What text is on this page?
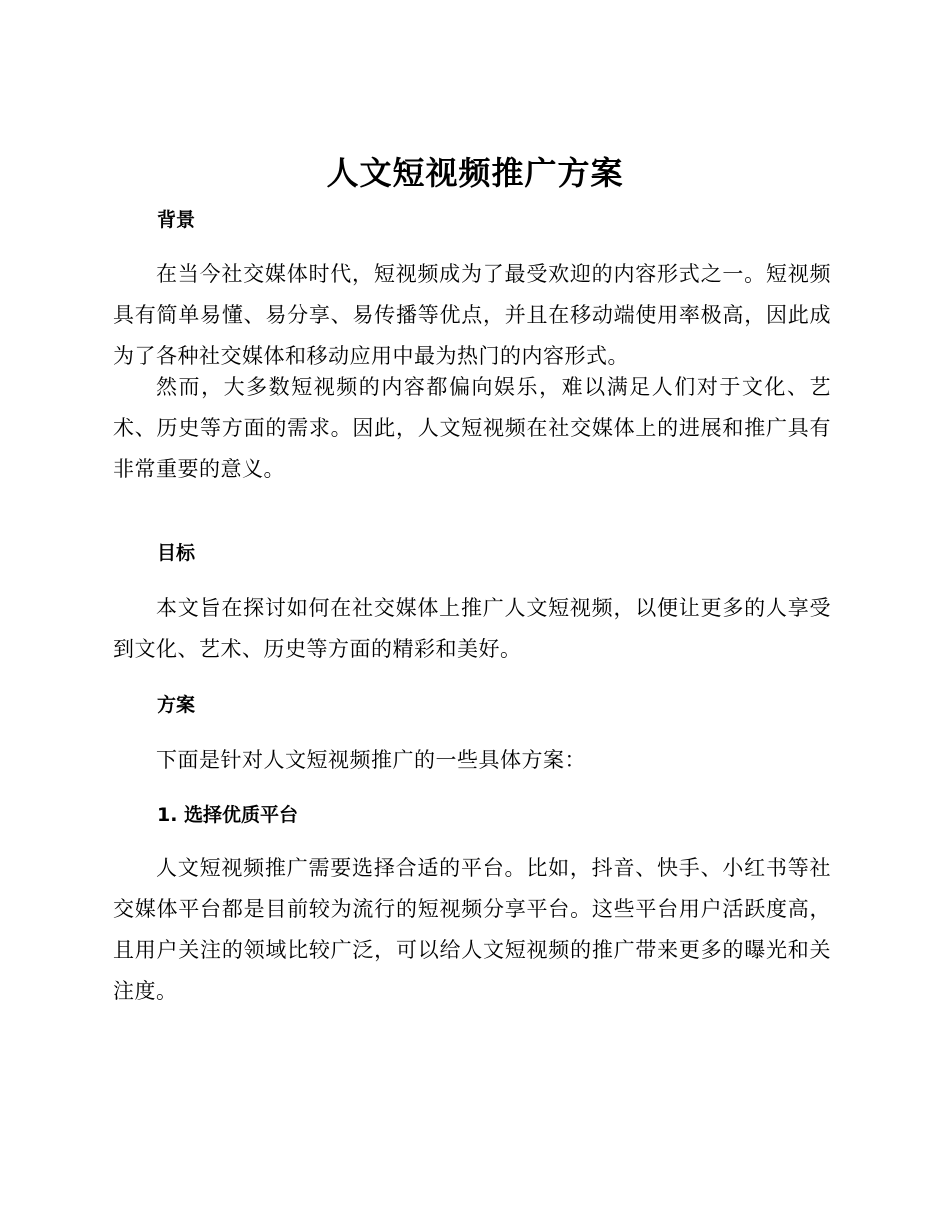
人文短视频推广方案
背景

在当今社交媒体时代，短视频成为了最受欢迎的内容形式之一。短视频具有简单易懂、易分享、易传播等优点，并且在移动端使用率极高，因此成为了各种社交媒体和移动应用中最为热门的内容形式。

然而，大多数短视频的内容都偏向娱乐，难以满足人们对于文化、艺术、历史等方面的需求。因此，人文短视频在社交媒体上的进展和推广具有非常重要的意义。

目标

本文旨在探讨如何在社交媒体上推广人文短视频，以便让更多的人享受到文化、艺术、历史等方面的精彩和美好。

方案

下面是针对人文短视频推广的一些具体方案：

1. 选择优质平台

人文短视频推广需要选择合适的平台。比如，抖音、快手、小红书等社交媒体平台都是目前较为流行的短视频分享平台。这些平台用户活跃度高，且用户关注的领域比较广泛，可以给人文短视频的推广带来更多的曝光和关注度。
